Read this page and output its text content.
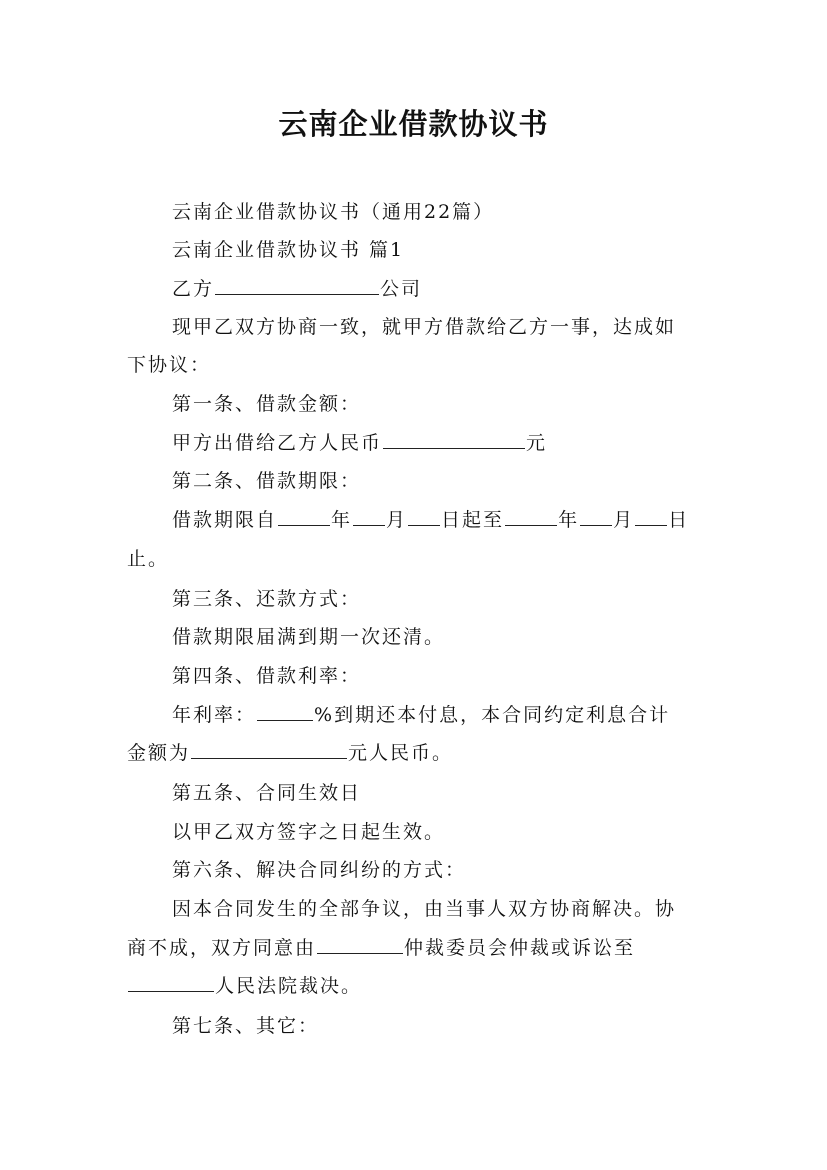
云南企业借款协议书
云南企业借款协议书（通用22篇）
云南企业借款协议书 篇1
乙方	公司
现甲乙双方协商一致，就甲方借款给乙方一事，达成如
下协议：
第一条、借款金额：
甲方出借给乙方人民币	元
第二条、借款期限：
借款期限自	年 月 日起至	年 月 日
止。
第三条、还款方式：
借款期限届满到期一次还清。
第四条、借款利率：
年利率：	%到期还本付息，本合同约定利息合计
金额为	元人民币。
第五条、合同生效日
以甲乙双方签字之日起生效。
第六条、解决合同纠纷的方式：
因本合同发生的全部争议，由当事人双方协商解决。协
商不成，双方同意由	仲裁委员会仲裁或诉讼至
人民法院裁决。
第七条、其它：
